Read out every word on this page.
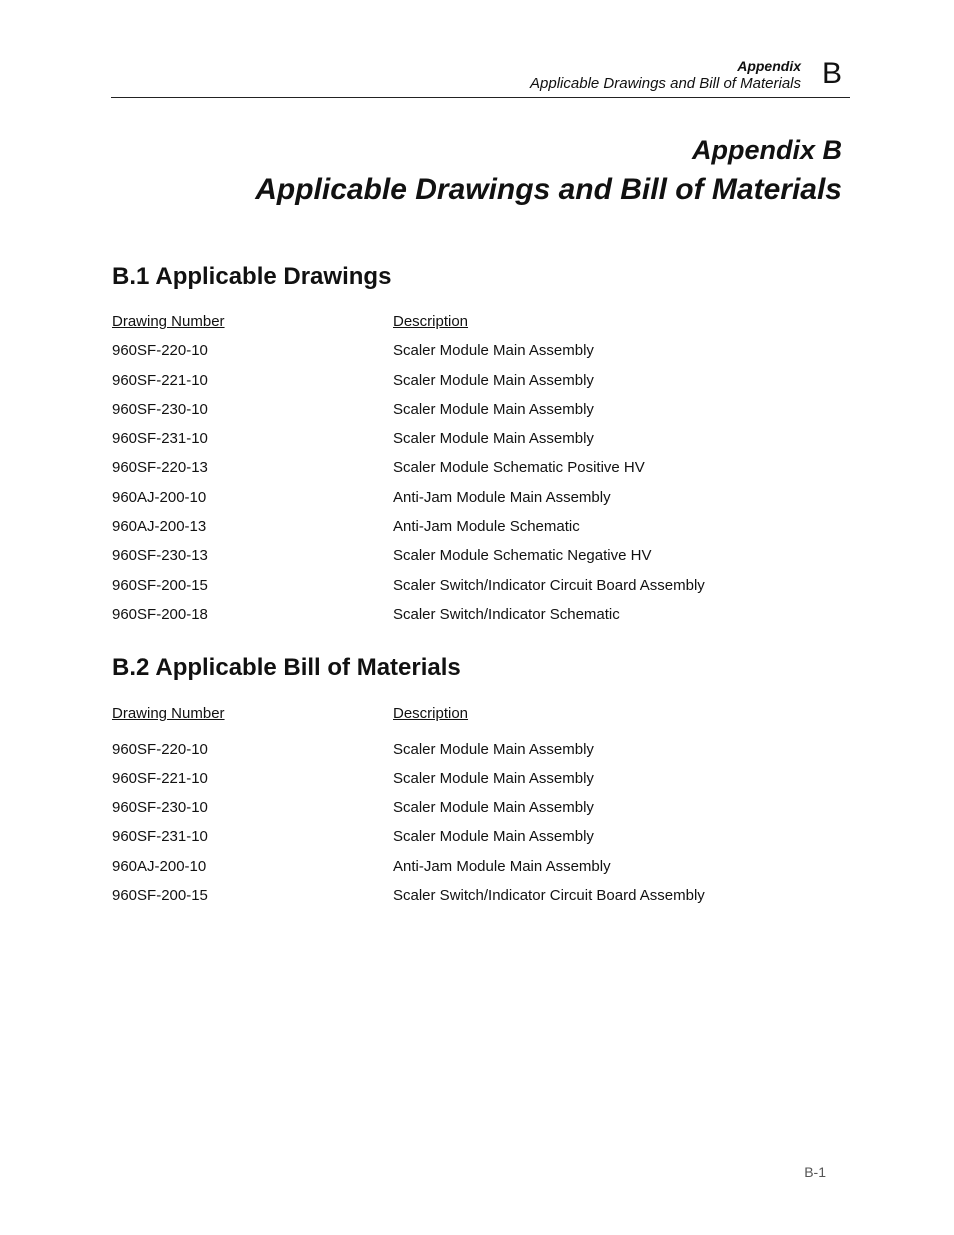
Appendix
Applicable Drawings and Bill of Materials B
Appendix B
Applicable Drawings and Bill of Materials
B.1 Applicable Drawings
Drawing Number	Description
960SF-220-10	Scaler Module Main Assembly
960SF-221-10	Scaler Module Main Assembly
960SF-230-10	Scaler Module Main Assembly
960SF-231-10	Scaler Module Main Assembly
960SF-220-13	Scaler Module Schematic Positive HV
960AJ-200-10	Anti-Jam Module Main Assembly
960AJ-200-13	Anti-Jam Module Schematic
960SF-230-13	Scaler Module Schematic Negative HV
960SF-200-15	Scaler Switch/Indicator Circuit Board Assembly
960SF-200-18	Scaler Switch/Indicator Schematic
B.2 Applicable Bill of Materials
Drawing Number	Description
960SF-220-10	Scaler Module Main Assembly
960SF-221-10	Scaler Module Main Assembly
960SF-230-10	Scaler Module Main Assembly
960SF-231-10	Scaler Module Main Assembly
960AJ-200-10	Anti-Jam Module Main Assembly
960SF-200-15	Scaler Switch/Indicator Circuit Board Assembly
B-1
